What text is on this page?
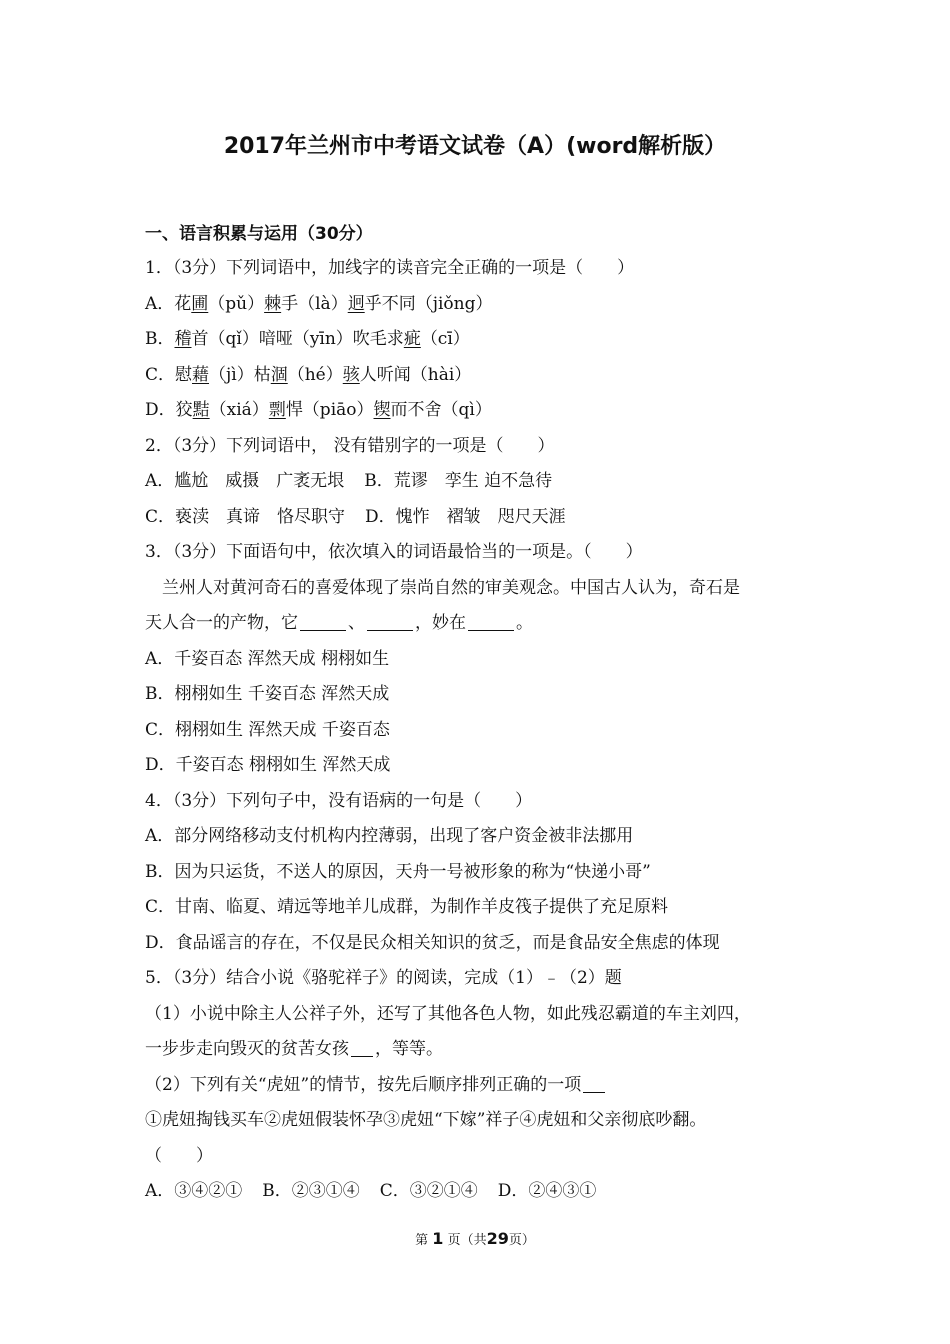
2017年兰州市中考语文试卷（A）(word解析版）
一、语言积累与运用（30分）
1．（3分）下列词语中，加线字的读音完全正确的一项是（　　）
A．花圃（pǔ）棘手（là）迥乎不同（jiǒng）
B．稽首（qǐ）喑哑（yīn）吹毛求疵（cī）
C．慰藉（jì）枯涸（hé）骇人听闻（hài）
D．狡黠（xiá）剽悍（piāo）锲而不舍（qì）
2．（3分）下列词语中， 没有错别字的一项是（　　）
A．尴尬　威摄　广袤无垠 B．荒谬　孪生 迫不急待
C．亵渎　真谛　恪尽职守 D．愧怍　褶皱　咫尺天涯
3．（3分）下面语句中，依次填入的词语最恰当的一项是。（　　）
兰州人对黄河奇石的喜爱体现了崇尚自然的审美观念。中国古人认为，奇石是
天人合一的产物，它	、	，妙在	。
A．千姿百态 浑然天成 栩栩如生
B．栩栩如生 千姿百态 浑然天成
C．栩栩如生 浑然天成 千姿百态
D．千姿百态 栩栩如生 浑然天成
4．（3分）下列句子中，没有语病的一句是（　　）
A．部分网络移动支付机构内控薄弱，出现了客户资金被非法挪用
B．因为只运货，不送人的原因，天舟一号被形象的称为“快递小哥”
C．甘南、临夏、靖远等地羊儿成群，为制作羊皮筏子提供了充足原料
D．食品谣言的存在，不仅是民众相关知识的贫乏，而是食品安全焦虑的体现
5．（3分）结合小说《骆驼祥子》的阅读，完成（1）﹣（2）题
（1）小说中除主人公祥子外，还写了其他各色人物，如此残忍霸道的车主刘四，
一步步走向毁灭的贫苦女孩 ，等等。
（2）下列有关“虎妞”的情节，按先后顺序排列正确的一项
①虎妞掏钱买车②虎妞假装怀孕③虎妞“下嫁”祥子④虎妞和父亲彻底吵翻。
（　　）
A．③④②① B．②③①④ C．③②①④ D．②④③①
第 1 页（共29页）
